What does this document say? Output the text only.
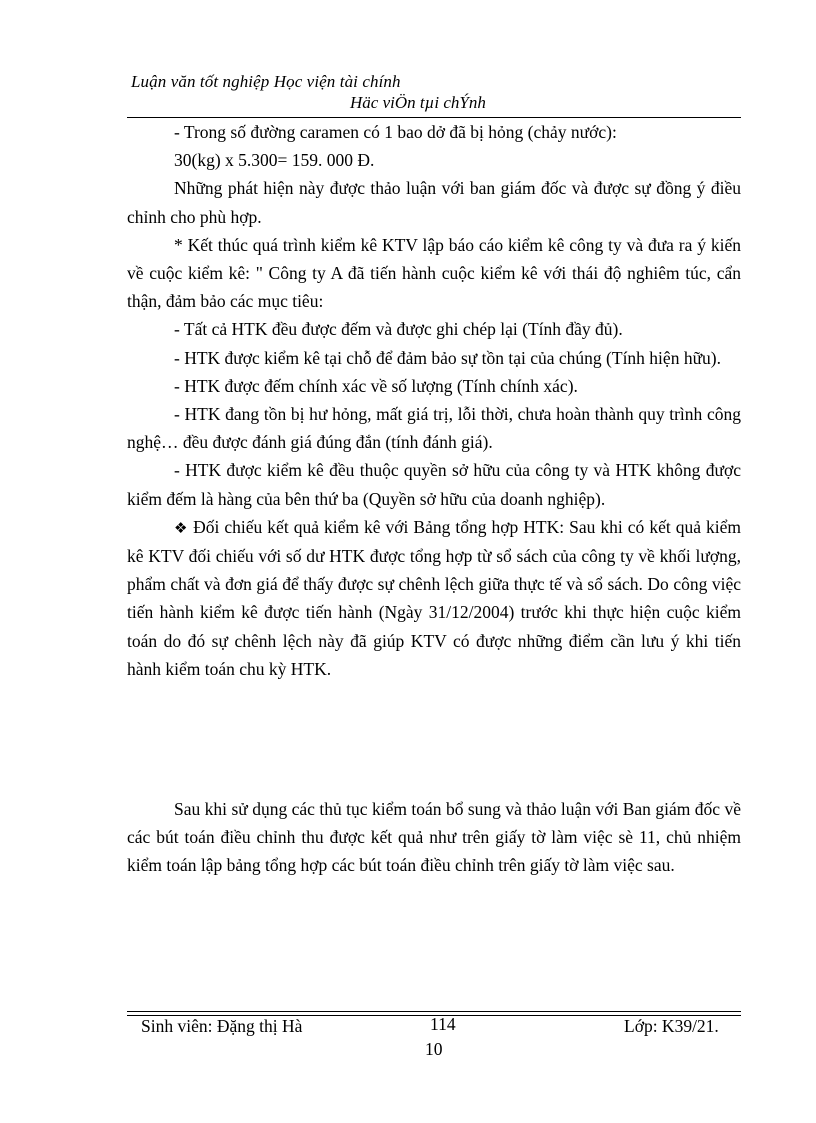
Luận văn tốt nghiệp Học viện tài chính
Häc viÖn tµi chÝnh

- Trong số đường caramen có 1 bao dở đã bị hỏng (chảy nước):

30(kg) x 5.300= 159. 000 Đ.

Những phát hiện này được thảo luận với ban giám đốc và được sự đồng ý điều chỉnh cho phù hợp.

* Kết thúc quá trình kiểm kê KTV lập báo cáo kiểm kê công ty và đưa ra ý kiến về cuộc kiểm kê: " Công ty A đã tiến hành cuộc kiểm kê với thái độ nghiêm túc, cẩn thận, đảm bảo các mục tiêu:

- Tất cả HTK đều được đếm và được ghi chép lại (Tính đầy đủ).

- HTK được kiểm kê tại chỗ để đảm bảo sự tồn tại của chúng (Tính hiện hữu).

- HTK được đếm chính xác về số lượng (Tính chính xác).

- HTK đang tồn bị hư hỏng, mất giá trị, lỗi thời, chưa hoàn thành quy trình công nghệ… đều được đánh giá đúng đắn (tính đánh giá).

- HTK được kiểm kê đều thuộc quyền sở hữu của công ty và HTK không được kiểm đếm là hàng của bên thứ ba (Quyền sở hữu của doanh nghiệp).

❖ Đối chiếu kết quả kiểm kê với Bảng tổng hợp HTK: Sau khi có kết quả kiểm kê KTV đối chiếu với số dư HTK được tổng hợp từ sổ sách của công ty về khối lượng, phẩm chất và đơn giá để thấy được sự chênh lệch giữa thực tế và sổ sách. Do công việc tiến hành kiểm kê được tiến hành (Ngày 31/12/2004) trước khi thực hiện cuộc kiểm toán do đó sự chênh lệch này đã giúp KTV có được những điểm cần lưu ý khi tiến hành kiểm toán chu kỳ HTK.

Sau khi sử dụng các thủ tục kiểm toán bổ sung và thảo luận với Ban giám đốc về các bút toán điều chỉnh thu được kết quả như trên giấy tờ làm việc sè 11, chủ nhiệm kiểm toán lập bảng tổng hợp các bút toán điều chỉnh trên giấy tờ làm việc sau.

Sinh viên: Đặng thị Hà	114	Lớp: K39/21.
10
